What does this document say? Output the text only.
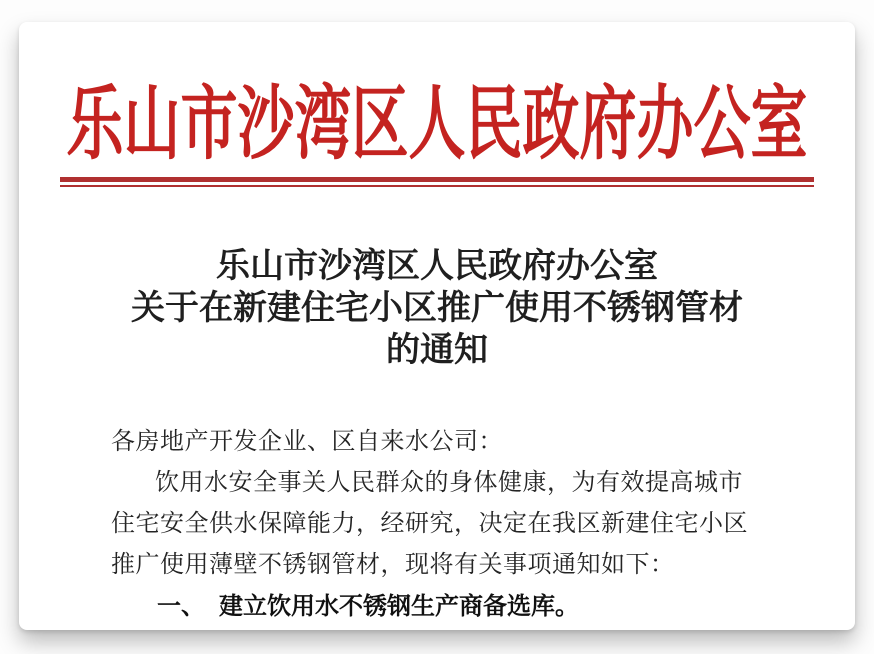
乐山市沙湾区人民政府办公室
乐山市沙湾区人民政府办公室
关于在新建住宅小区推广使用不锈钢管材
的通知
各房地产开发企业、区自来水公司：
饮用水安全事关人民群众的身体健康，为有效提高城市
住宅安全供水保障能力，经研究，决定在我区新建住宅小区
推广使用薄壁不锈钢管材，现将有关事项通知如下：
一、 建立饮用水不锈钢生产商备选库。
